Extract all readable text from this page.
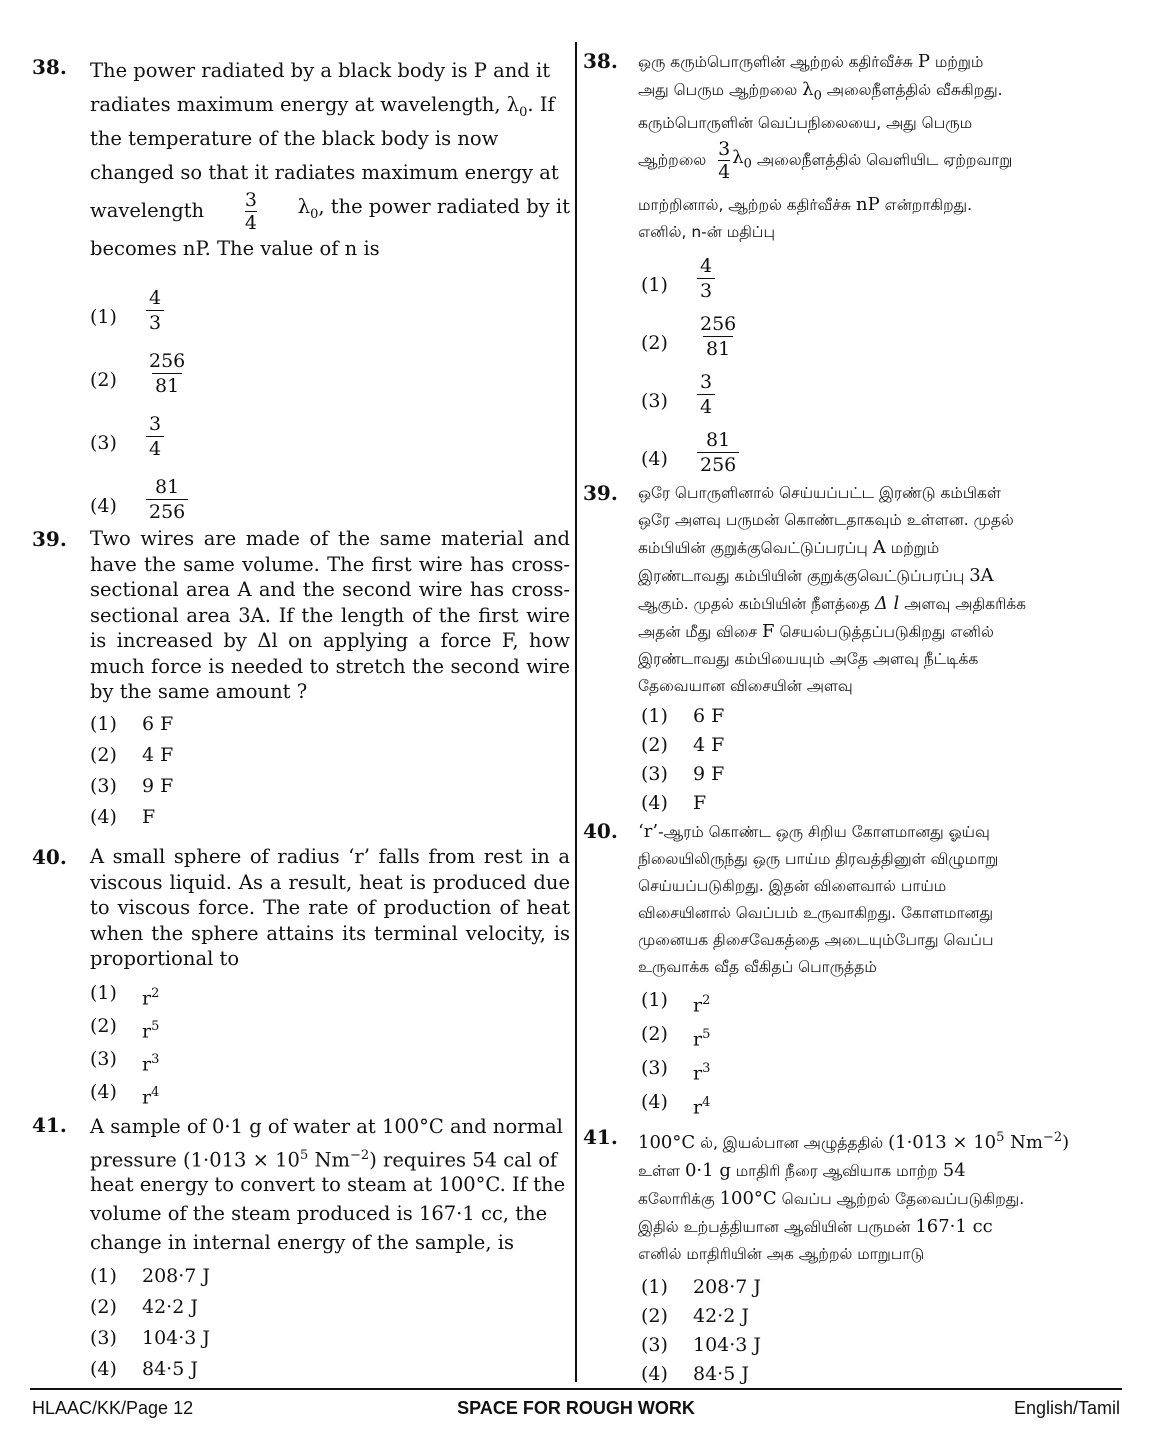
38. The power radiated by a black body is P and it
radiates maximum energy at wavelength, $\lambda_0$. If
the temperature of the black body is now
changed so that it radiates maximum energy at
wavelength 3
4
$\lambda_0$, the power radiated by it
becomes nP. The value of n is
$(1) \frac{4}{3}$
$(2) \frac{256}{81}$
$(3) \frac{3}{4}$
$(4) \frac{81}{256}$
39. Two wires are made of the same material and have the same volume. The first wire has cross-sectional area A and the second wire has cross-sectional area 3A. If the length of the first wire is increased by Δl on applying a force F, how much force is needed to stretch the second wire by the same amount ?
(1) 6 F
(2) 4 F
(3) 9 F
(4) F
40. A small sphere of radius ‘r’ falls from rest in a viscous liquid. As a result, heat is produced due to viscous force. The rate of production of heat when the sphere attains its terminal velocity, is proportional to
(1) $r^2$
(2) $r^5$
(3) $r^3$
(4) $r^4$
41. A sample of 0·1 g of water at 100°C and normal
pressure ($1\cdot 013 \times 10^5$ $Nm^{-2}$) requires 54 cal of
heat energy to convert to steam at 100°C. If the
volume of the steam produced is 167·1 cc, the
change in internal energy of the sample, is
(1) 208·7 J
(2) 42·2 J
(3) 104·3 J
(4) 84·5 J
38. ஒரு கரும்பொருளின் ஆற்றல் கதிர்வீச்சு P மற்றும்
அது பெரும ஆற்றலை $\lambda_0$ அலைநீளத்தில் வீசுகிறது.
கரும்பொருளின் வெப்பநிலையை, அது பெரும
ஆற்றலை
3
4
$\lambda_0$
அலைநீளத்தில் வெளியிட ஏற்றவாறு
மாற்றினால், ஆற்றல் கதிர்வீச்சு nP என்றாகிறது.
எனில், n-ன் மதிப்பு
$(1) \frac{4}{3}$
$(2) \frac{256}{81}$
$(3) \frac{3}{4}$
$(4) \frac{81}{256}$
39. ஒரே பொருளினால் செய்யப்பட்ட இரண்டு கம்பிகள்
ஒரே அளவு பருமன் கொண்டதாகவும் உள்ளன. முதல்
கம்பியின் குறுக்குவெட்டுப்பரப்பு A மற்றும்
இரண்டாவது கம்பியின் குறுக்குவெட்டுப்பரப்பு 3A
ஆகும். முதல் கம்பியின் நீளத்தை Δ l அளவு அதிகரிக்க
அதன் மீது விசை F செயல்படுத்தப்படுகிறது எனில்
இரண்டாவது கம்பியையும் அதே அளவு நீட்டிக்க
தேவையான விசையின் அளவு
(1) 6 F
(2) 4 F
(3) 9 F
(4) F
40. ‘r’-ஆரம் கொண்ட ஒரு சிறிய கோளமானது ஓய்வு
நிலையிலிருந்து ஒரு பாய்ம திரவத்தினுள் விழுமாறு
செய்யப்படுகிறது. இதன் விளைவால் பாய்ம
விசையினால் வெப்பம் உருவாகிறது. கோளமானது
முனையக திசைவேகத்தை அடையும்போது வெப்ப
உருவாக்க வீத வீகிதப் பொருத்தம்
(1) $r^2$
(2) $r^5$
(3) $r^3$
(4) $r^4$
41. 100°C ல், இயல்பான அழுத்ததில் ($1\cdot 013 \times 10^5$ $Nm^{-2}$)
உள்ள 0·1 g மாதிரி நீரை ஆவியாக மாற்ற 54
கலோரிக்கு 100°C வெப்ப ஆற்றல் தேவைப்படுகிறது.
இதில் உற்பத்தியான ஆவியின் பருமன் 167·1 cc
எனில் மாதிரியின் அக ஆற்றல் மாறுபாடு
(1) 208·7 J
(2) 42·2 J
(3) 104·3 J
(4) 84·5 J
SPACE FOR ROUGH WORK
HLAAC/KK/Page 12	English/Tamil
